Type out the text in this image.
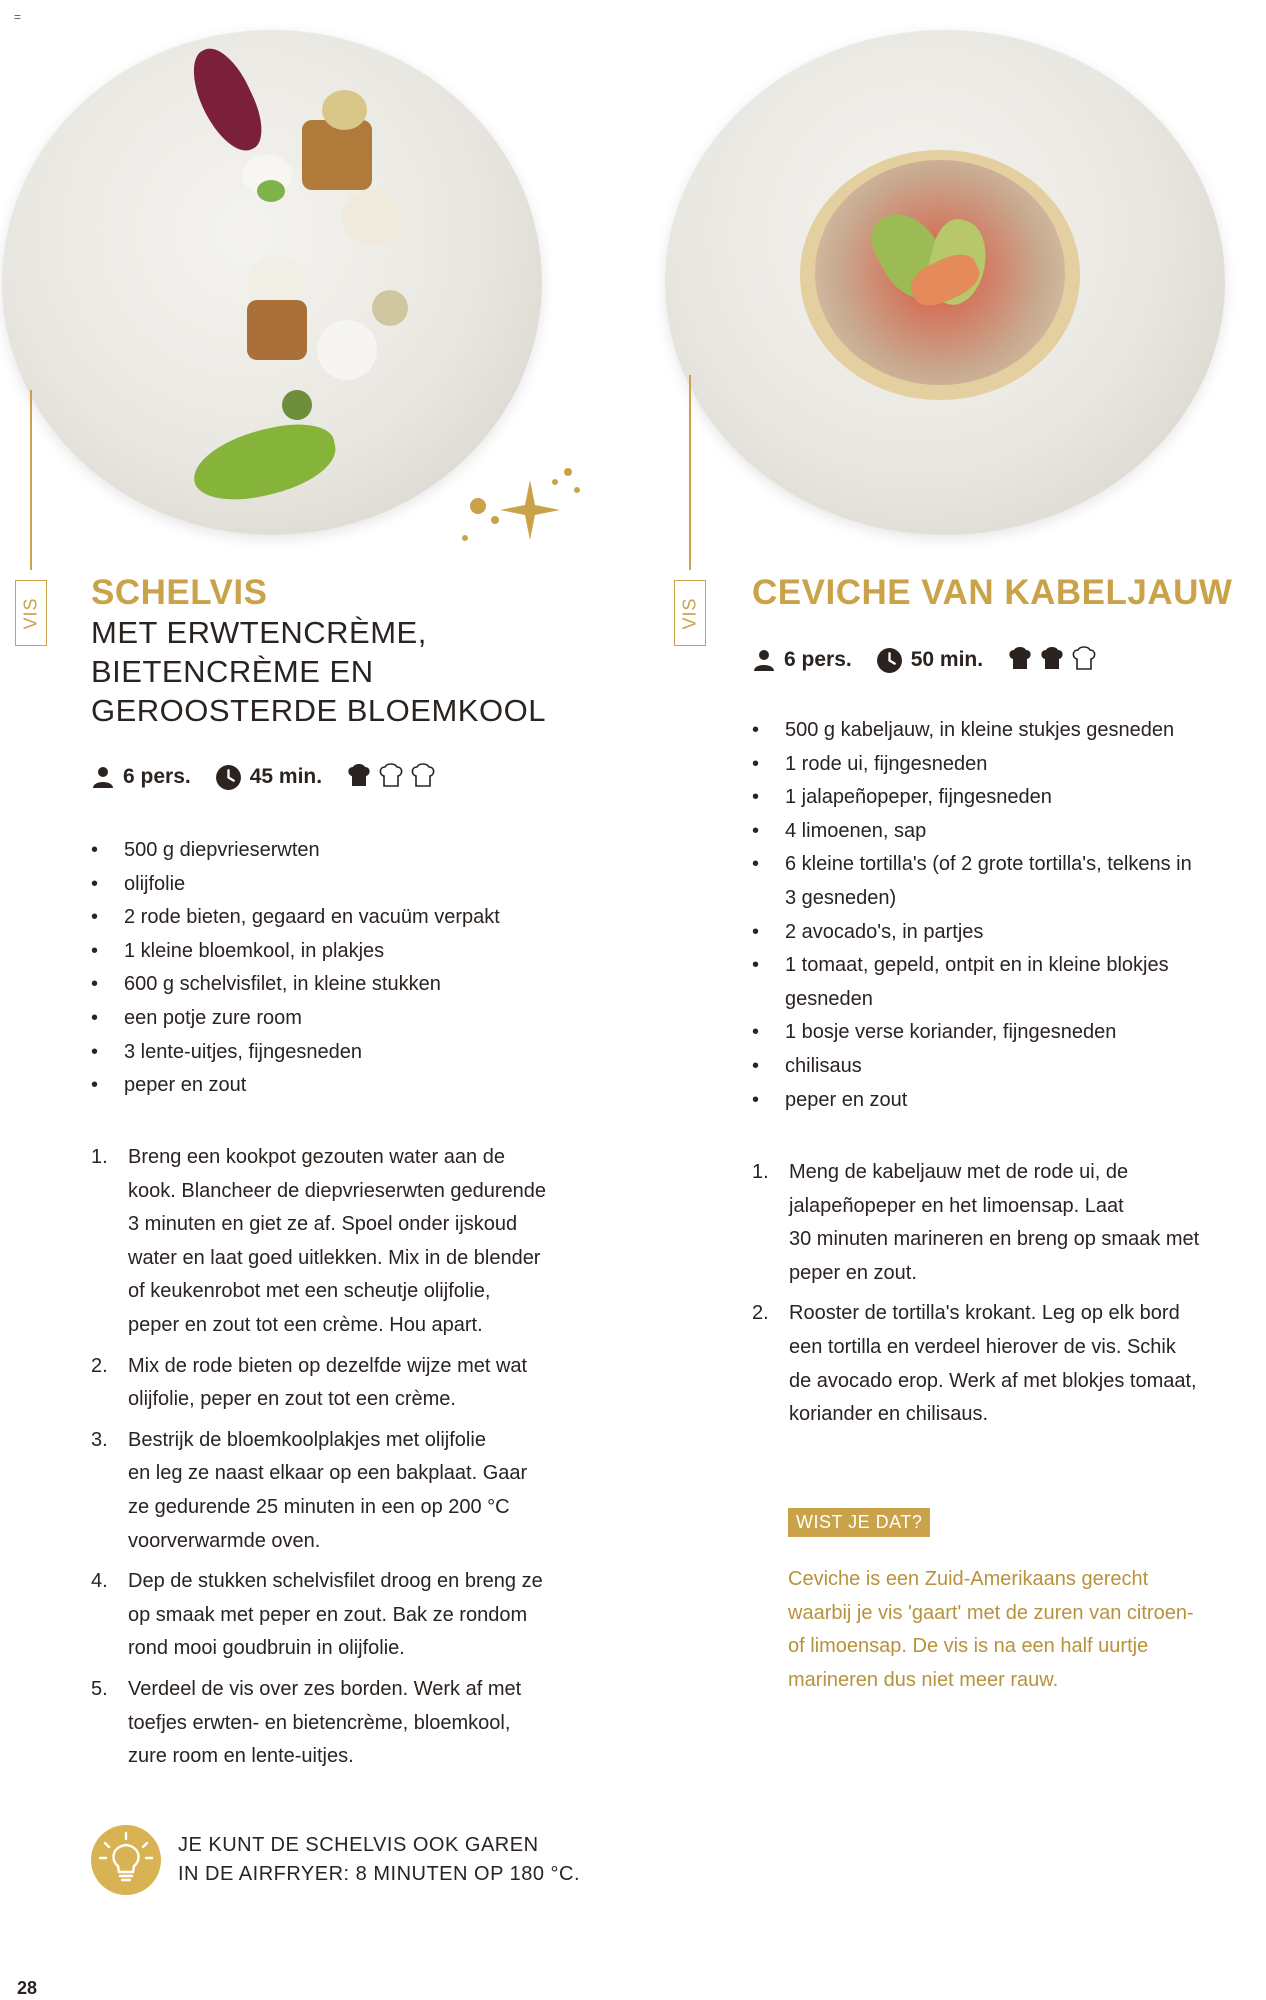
=
VIS
SCHELVIS
MET ERWTENCRÈME,
BIETENCRÈME EN
GEROOSTERDE BLOEMKOOL
6 pers.	45 min.
• 500 g diepvrieserwten
• olijfolie
• 2 rode bieten, gegaard en vacuüm verpakt
• 1 kleine bloemkool, in plakjes
• 600 g schelvisfilet, in kleine stukken
• een potje zure room
• 3 lente-uitjes, fijngesneden
• peper en zout
1. Breng een kookpot gezouten water aan de
kook. Blancheer de diepvrieserwten gedurende
3 minuten en giet ze af. Spoel onder ijskoud
water en laat goed uitlekken. Mix in de blender
of keukenrobot met een scheutje olijfolie,
peper en zout tot een crème. Hou apart.
2. Mix de rode bieten op dezelfde wijze met wat
olijfolie, peper en zout tot een crème.
3. Bestrijk de bloemkoolplakjes met olijfolie
en leg ze naast elkaar op een bakplaat. Gaar
ze gedurende 25 minuten in een op 200 °C
voorverwarmde oven.
4. Dep de stukken schelvisfilet droog en breng ze
op smaak met peper en zout. Bak ze rondom
rond mooi goudbruin in olijfolie.
5. Verdeel de vis over zes borden. Werk af met
toefjes erwten- en bietencrème, bloemkool,
zure room en lente-uitjes.
JE KUNT DE SCHELVIS OOK GAREN
IN DE AIRFRYER: 8 MINUTEN OP 180 °C.
VIS
CEVICHE VAN KABELJAUW
6 pers.	50 min.
• 500 g kabeljauw, in kleine stukjes gesneden
• 1 rode ui, fijngesneden
• 1 jalapeñopeper, fijngesneden
• 4 limoenen, sap
• 6 kleine tortilla's (of 2 grote tortilla's, telkens in
3 gesneden)
• 2 avocado's, in partjes
• 1 tomaat, gepeld, ontpit en in kleine blokjes
gesneden
• 1 bosje verse koriander, fijngesneden
• chilisaus
• peper en zout
1. Meng de kabeljauw met de rode ui, de
jalapeñopeper en het limoensap. Laat
30 minuten marineren en breng op smaak met
peper en zout.
2. Rooster de tortilla's krokant. Leg op elk bord
een tortilla en verdeel hierover de vis. Schik
de avocado erop. Werk af met blokjes tomaat,
koriander en chilisaus.
WIST JE DAT?
Ceviche is een Zuid-Amerikaans gerecht
waarbij je vis 'gaart' met de zuren van citroen-
of limoensap. De vis is na een half uurtje
marineren dus niet meer rauw.
28
